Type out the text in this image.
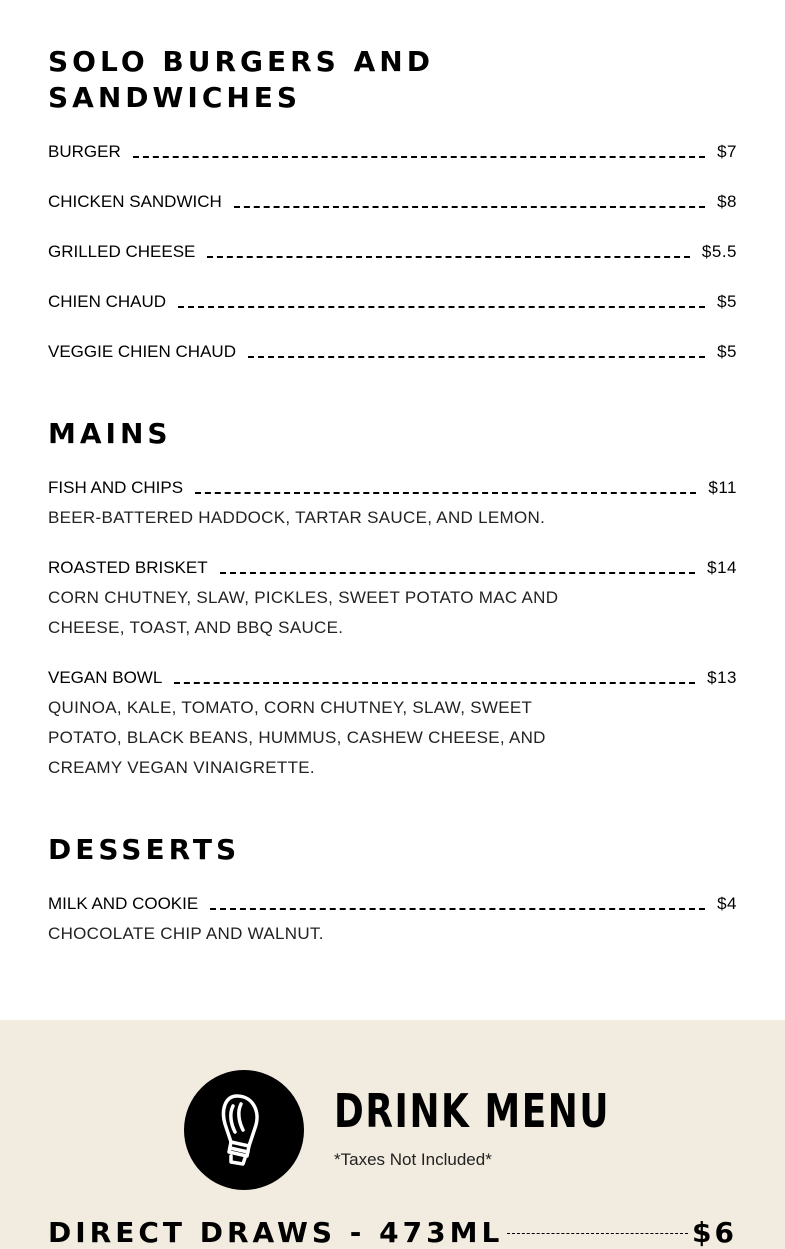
SOLO BURGERS AND
SANDWICHES
BURGER	$7
CHICKEN SANDWICH	$8
GRILLED CHEESE	$5.5
CHIEN CHAUD	$5
VEGGIE CHIEN CHAUD	$5
MAINS
FISH AND CHIPS	$11
BEER-BATTERED HADDOCK, TARTAR SAUCE, AND LEMON.
ROASTED BRISKET	$14
CORN CHUTNEY, SLAW, PICKLES, SWEET POTATO MAC AND CHEESE, TOAST, AND BBQ SAUCE.
VEGAN BOWL	$13
QUINOA, KALE, TOMATO, CORN CHUTNEY, SLAW, SWEET POTATO, BLACK BEANS, HUMMUS, CASHEW CHEESE, AND CREAMY VEGAN VINAIGRETTE.
DESSERTS
MILK AND COOKIE	$4
CHOCOLATE CHIP AND WALNUT.
DRINK MENU
*Taxes Not Included*
DIRECT DRAWS - 473ML	$6
